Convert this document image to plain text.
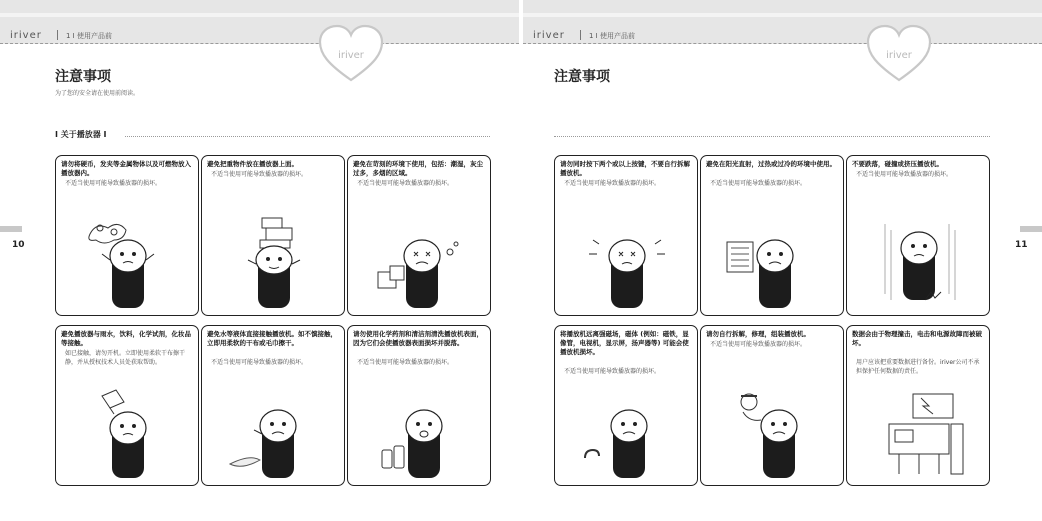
iriver	1 I 使用产品前	iriver	1 I 使用产品前
iriver	iriver
注意事项
为了您的安全请在使用前阅读。
I 关于播放器 I
注意事项
10	11
请勿将硬币，发夹等金属物体以及可燃物放入播放器内。
不适当使用可能导致播放器的损坏。
避免把重物件放在播放器上面。
不适当使用可能导致播放器的损坏。
避免在苛刻的环境下使用，包括：潮湿，灰尘过多，多烟的区域。
不适当使用可能导致播放器的损坏。
避免播放器与雨水，饮料，化学试剂，化妆品等接触。
如已接触，请勿开机。立即使用柔软干布擦干静，并从授权技术人员处获取帮助。
避免水等液体直接接触播放机。如不慎接触，立即用柔软的干布或毛巾擦干。
不适当使用可能导致播放器的损坏。
请勿使用化学药剂和清洁剂清洗播放机表面，因为它们会使播放器表面损坏并脱落。
不适当使用可能导致播放器的损坏。
请勿同时按下两个或以上按键，不要自行拆解播放机。
不适当使用可能导致播放器的损坏。
避免在阳光直射，过热或过冷的环境中使用。
不适当使用可能导致播放器的损坏。
不要跌落，碰撞或挤压播放机。
不适当使用可能导致播放器的损坏。
将播放机远离强磁场，磁体 (例如：磁铁，显像管，电视机，显示屏，扬声器等) 可能会使播放机损坏。
不适当使用可能导致播放器的损坏。
请勿自行拆解，修理，组装播放机。
不适当使用可能导致播放器的损坏。
数据会由于物理撞击，电击和电源故障而被破坏。
用户应该把重要数据进行备份。iriver公司不承担保护任何数据的责任。
